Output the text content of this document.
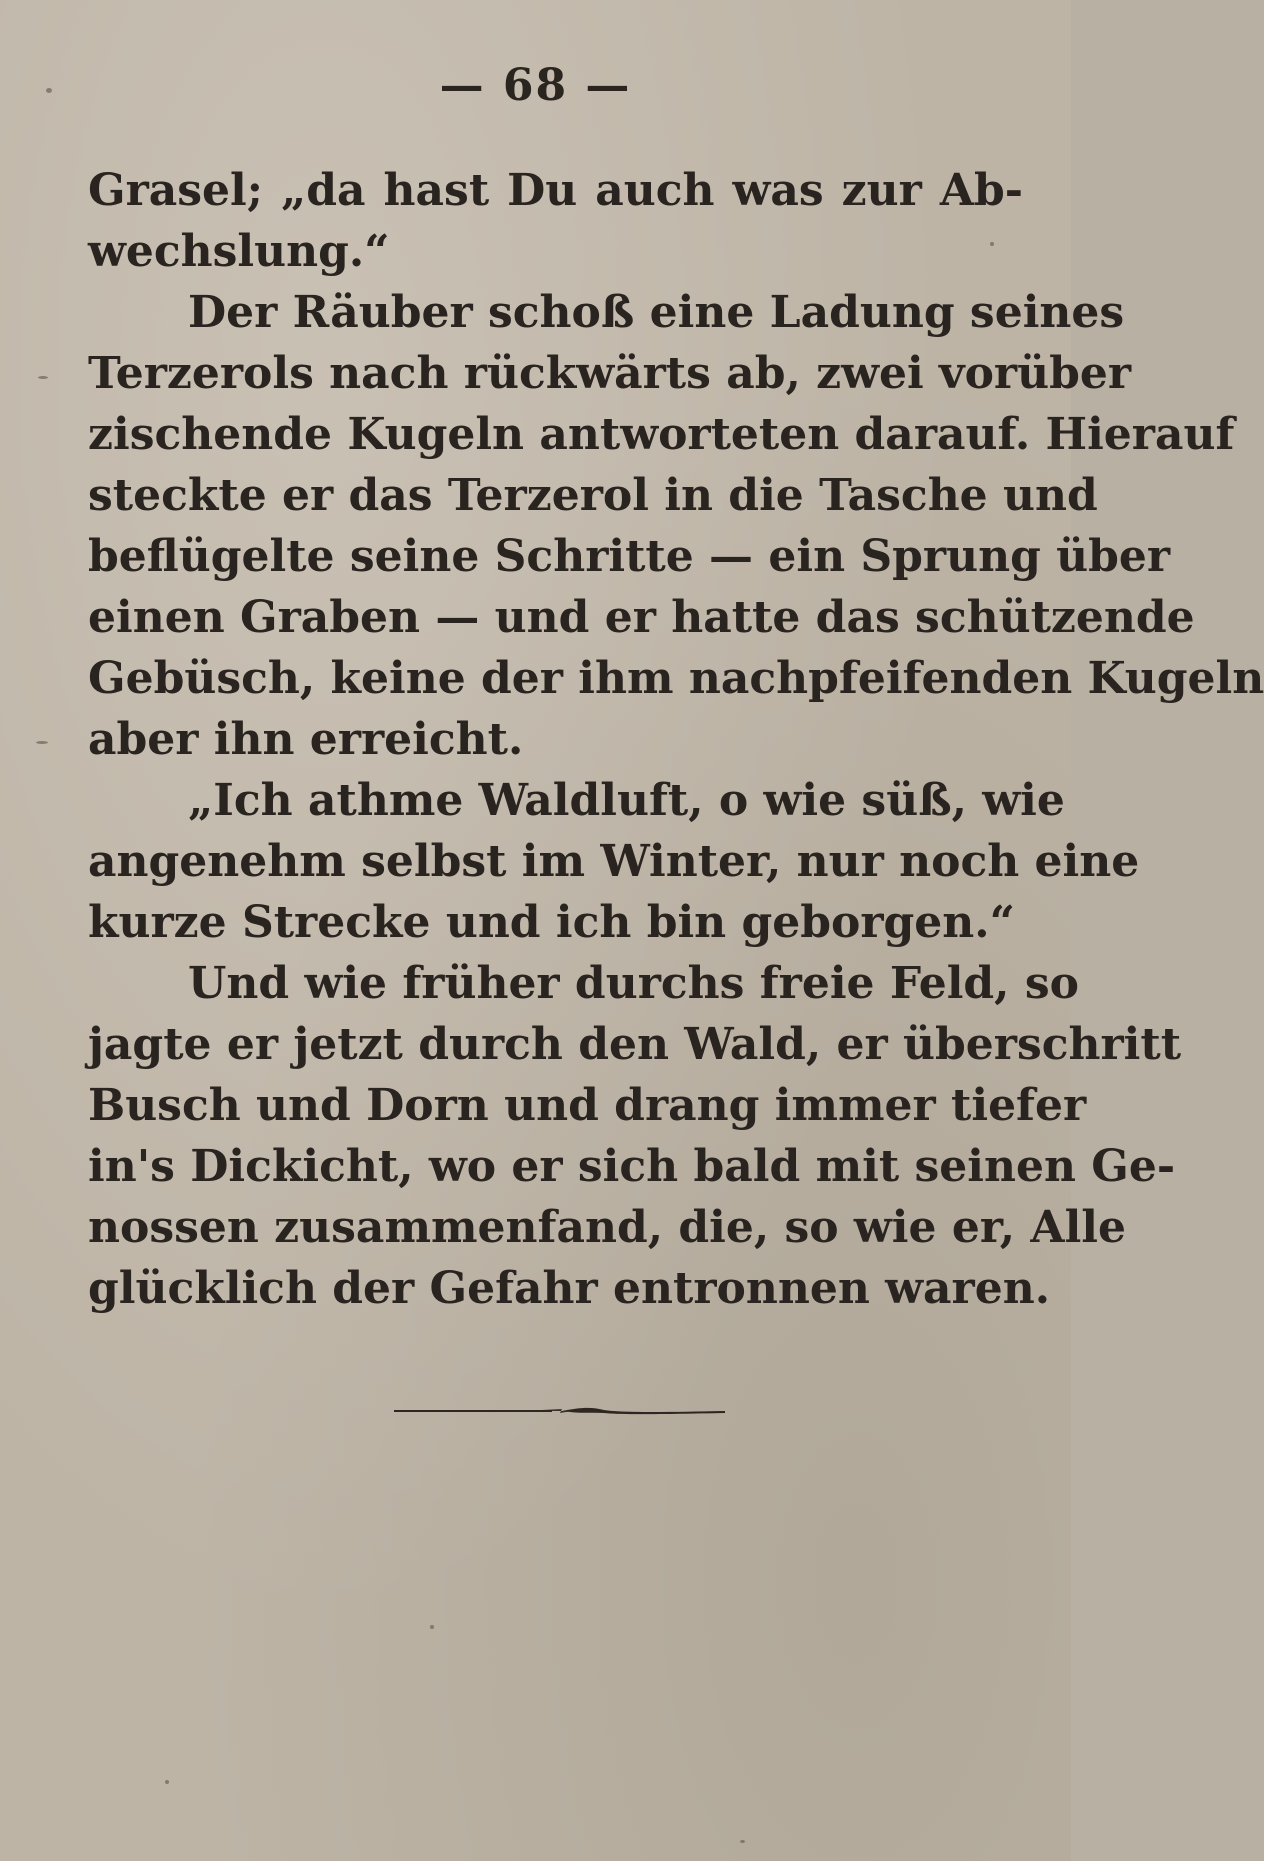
— 68 —
Grasel; „da hast Du auch was zur Ab-
wechslung.“
Der Räuber schoß eine Ladung seines
Terzerols nach rückwärts ab, zwei vorüber
zischende Kugeln antworteten darauf. Hierauf
steckte er das Terzerol in die Tasche und
beflügelte seine Schritte — ein Sprung über
einen Graben — und er hatte das schützende
Gebüsch, keine der ihm nachpfeifenden Kugeln
aber ihn erreicht.
„Ich athme Waldluft, o wie süß, wie
angenehm selbst im Winter, nur noch eine
kurze Strecke und ich bin geborgen.“
Und wie früher durchs freie Feld, so
jagte er jetzt durch den Wald, er überschritt
Busch und Dorn und drang immer tiefer
in's Dickicht, wo er sich bald mit seinen Ge-
nossen zusammenfand, die, so wie er, Alle
glücklich der Gefahr entronnen waren.
